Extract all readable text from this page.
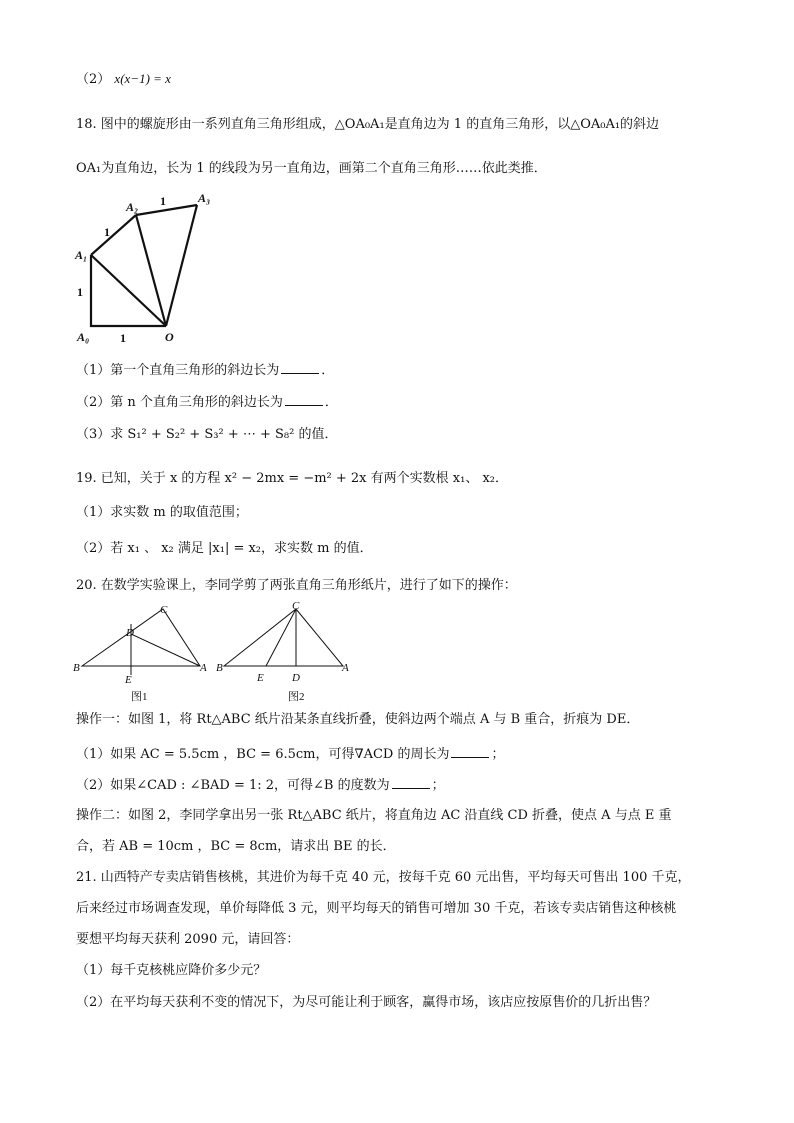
（2） x(x−1) = x
18. 图中的螺旋形由一系列直角三角形组成，△OA₀A₁是直角边为 1 的直角三角形，以△OA₀A₁的斜边
OA₁为直角边，长为 1 的线段为另一直角边，画第二个直角三角形……依此类推．
A₁
A₂
A₃
A₀	O
1
1
1
1
（1）第一个直角三角形的斜边长为	．
（2）第 n 个直角三角形的斜边长为	．
（3）求 S₁² + S₂² + S₃² + ⋯ + S₈² 的值．
19. 已知，关于 x 的方程 x² − 2mx = −m² + 2x 有两个实数根 x₁、 x₂．
（1）求实数 m 的取值范围；
（2）若 x₁ 、 x₂ 满足 |x₁| = x₂，求实数 m 的值．
20. 在数学实验课上，李同学剪了两张直角三角形纸片，进行了如下的操作：
B
C
A
D
E
B
C
A
E	D
图1	图2
操作一：如图 1，将 Rt△ABC 纸片沿某条直线折叠，使斜边两个端点 A 与 B 重合，折痕为 DE．
（1）如果 AC = 5.5cm ，BC = 6.5cm，可得∇ACD 的周长为	；
（2）如果∠CAD : ∠BAD = 1: 2，可得∠B 的度数为	；
操作二：如图 2，李同学拿出另一张 Rt△ABC 纸片，将直角边 AC 沿直线 CD 折叠，使点 A 与点 E 重
合，若 AB = 10cm ，BC = 8cm，请求出 BE 的长．
21. 山西特产专卖店销售核桃，其进价为每千克 40 元，按每千克 60 元出售，平均每天可售出 100 千克，
后来经过市场调查发现，单价每降低 3 元，则平均每天的销售可增加 30 千克，若该专卖店销售这种核桃
要想平均每天获利 2090 元，请回答：
（1）每千克核桃应降价多少元？
（2）在平均每天获利不变的情况下，为尽可能让利于顾客，赢得市场，该店应按原售价的几折出售？
